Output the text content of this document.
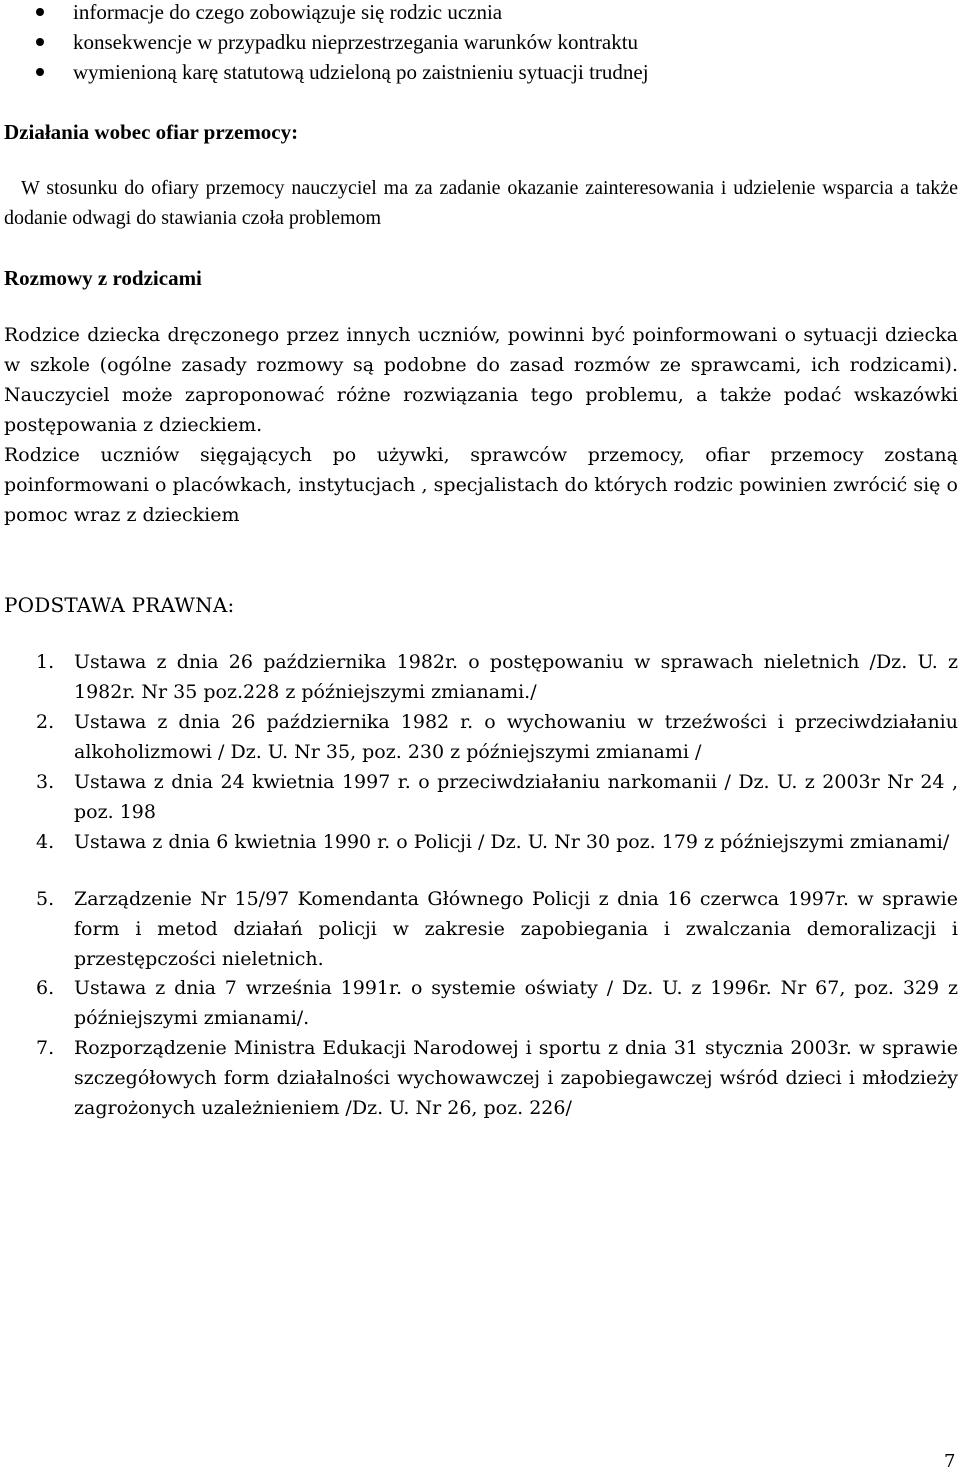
informacje do czego zobowiązuje się rodzic ucznia
konsekwencje w przypadku nieprzestrzegania warunków kontraktu
wymienioną karę statutową udzieloną po zaistnieniu sytuacji trudnej
Działania wobec ofiar przemocy:

W stosunku do ofiary przemocy nauczyciel ma za zadanie okazanie zainteresowania i udzielenie wsparcia a także dodanie odwagi do stawiania czoła problemom

Rozmowy z rodzicami

Rodzice dziecka dręczonego przez innych uczniów, powinni być poinformowani o sytuacji dziecka w szkole (ogólne zasady rozmowy są podobne do zasad rozmów ze sprawcami, ich rodzicami). Nauczyciel może zaproponować różne rozwiązania tego problemu, a także podać wskazówki postępowania z dzieckiem.

Rodzice uczniów sięgających po używki, sprawców przemocy, ofiar przemocy zostaną poinformowani o placówkach, instytucjach , specjalistach do których rodzic powinien zwrócić się o pomoc wraz z dzieckiem

PODSTAWA PRAWNA:
1. Ustawa z dnia 26 października 1982r. o postępowaniu w sprawach nieletnich /Dz. U. z 1982r. Nr 35 poz.228 z późniejszymi zmianami./

2. Ustawa z dnia 26 października 1982 r. o wychowaniu w trzeźwości i przeciwdziałaniu alkoholizmowi / Dz. U. Nr 35, poz. 230 z późniejszymi zmianami /

3. Ustawa z dnia 24 kwietnia 1997 r. o przeciwdziałaniu narkomanii / Dz. U. z 2003r Nr 24 , poz. 198

4. Ustawa z dnia 6 kwietnia 1990 r. o Policji / Dz. U. Nr 30 poz. 179 z późniejszymi zmianami/

5. Zarządzenie Nr 15/97 Komendanta Głównego Policji z dnia 16 czerwca 1997r. w sprawie form i metod działań policji w zakresie zapobiegania i zwalczania demoralizacji i przestępczości nieletnich.

6. Ustawa z dnia 7 września 1991r. o systemie oświaty / Dz. U. z 1996r. Nr 67, poz. 329 z późniejszymi zmianami/.

7. Rozporządzenie Ministra Edukacji Narodowej i sportu z dnia 31 stycznia 2003r. w sprawie szczegółowych form działalności wychowawczej i zapobiegawczej wśród dzieci i młodzieży zagrożonych uzależnieniem /Dz. U. Nr 26, poz. 226/

7
